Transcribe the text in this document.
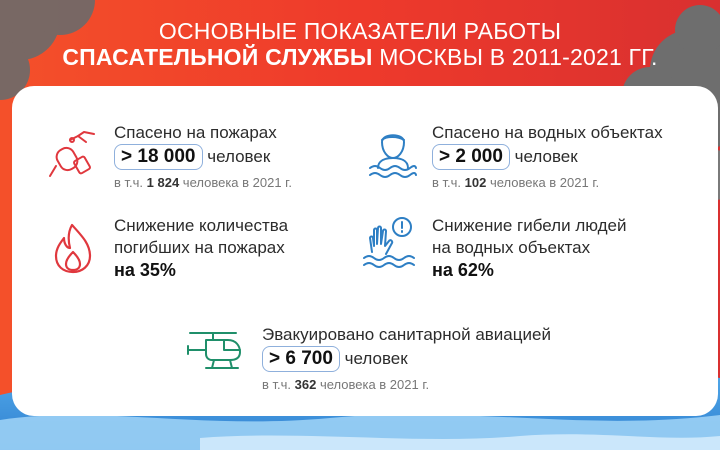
ОСНОВНЫЕ ПОКАЗАТЕЛИ РАБОТЫ
СПАСАТЕЛЬНОЙ СЛУЖБЫ МОСКВЫ В 2011-2021 ГГ.
Спасено на пожарах
> 18 000 человек
в т.ч. 1 824 человека в 2021 г.
Спасено на водных объектах
> 2 000 человек
в т.ч. 102 человека в 2021 г.
Снижение количества
погибших на пожарах
на 35%
Снижение гибели людей
на водных объектах
на 62%
Эвакуировано санитарной авиацией
> 6 700 человек
в т.ч. 362 человека в 2021 г.
